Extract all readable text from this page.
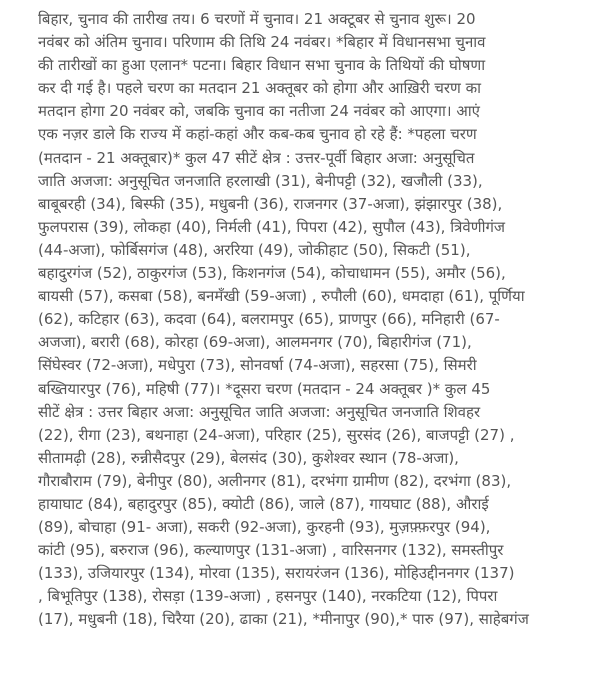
बिहार, चुनाव की तारीख तय। 6 चरणों में चुनाव। 21 अक्टूबर से चुनाव शुरू। 20
नवंबर को अंतिम चुनाव। परिणाम की तिथि 24 नवंबर। *बिहार में विधानसभा चुनाव
की तारीखों का हुआ एलान* पटना। बिहार विधान सभा चुनाव के तिथियों की घोषणा
कर दी गई है। पहले चरण का मतदान 21 अक्तूबर को होगा और आख़िरी चरण का
मतदान होगा 20 नवंबर को, जबकि चुनाव का नतीजा 24 नवंबर को आएगा। आएं
एक नज़र डाले कि राज्य में कहां-कहां और कब-कब चुनाव हो रहे हैं: *पहला चरण
(मतदान - 21 अक्तूबार)* कुल 47 सीटें क्षेत्र : उत्तर-पूर्वी बिहार अजा: अनुसूचित
जाति अजजा: अनुसूचित जनजाति हरलाखी (31), बेनीपट्टी (32), खजौली (33),
बाबूबरही (34), बिस्फी (35), मधुबनी (36), राजनगर (37-अजा), झंझारपुर (38),
फुलपरास (39), लोकहा (40), निर्मली (41), पिपरा (42), सुपौल (43), त्रिवेणीगंज
(44-अजा), फोर्बिसगंज (48), अररिया (49), जोकीहाट (50), सिकटी (51),
बहादुरगंज (52), ठाकुरगंज (53), किशनगंज (54), कोचाधामन (55), अमौर (56),
बायसी (57), कसबा (58), बनमँखी (59-अजा) , रुपौली (60), धमदाहा (61), पूर्णिया
(62), कटिहार (63), कदवा (64), बलरामपुर (65), प्राणपुर (66), मनिहारी (67-
अजजा), बरारी (68), कोरहा (69-अजा), आलमनगर (70), बिहारीगंज (71),
सिंघेस्वर (72-अजा), मधेपुरा (73), सोनवर्षा (74-अजा), सहरसा (75), सिमरी
बख्तियारपुर (76), महिषी (77)। *दूसरा चरण (मतदान - 24 अक्तूबर )* कुल 45
सीटें क्षेत्र : उत्तर बिहार अजा: अनुसूचित जाति अजजा: अनुसूचित जनजाति शिवहर
(22), रीगा (23), बथनाहा (24-अजा), परिहार (25), सुरसंद (26), बाजपट्टी (27) ,
सीतामढ़ी (28), रुन्नीसैदपुर (29), बेलसंद (30), कुशेश्वर स्थान (78-अजा),
गौराबौराम (79), बेनीपुर (80), अलीनगर (81), दरभंगा ग्रामीण (82), दरभंगा (83),
हायाघाट (84), बहादुरपुर (85), क्योटी (86), जाले (87), गायघाट (88), औराई
(89), बोचाहा (91- अजा), सकरी (92-अजा), कुरहनी (93), मुज़फ़्फ़रपुर (94),
कांटी (95), बरुराज (96), कल्याणपुर (131-अजा) , वारिसनगर (132), समस्तीपुर
(133), उजियारपुर (134), मोरवा (135), सरायरंजन (136), मोहिउद्दीननगर (137)
, बिभूतिपुर (138), रोसड़ा (139-अजा) , हसनपुर (140), नरकटिया (12), पिपरा
(17), मधुबनी (18), चिरैया (20), ढाका (21), *मीनापुर (90),* पारु (97), साहेबगंज
